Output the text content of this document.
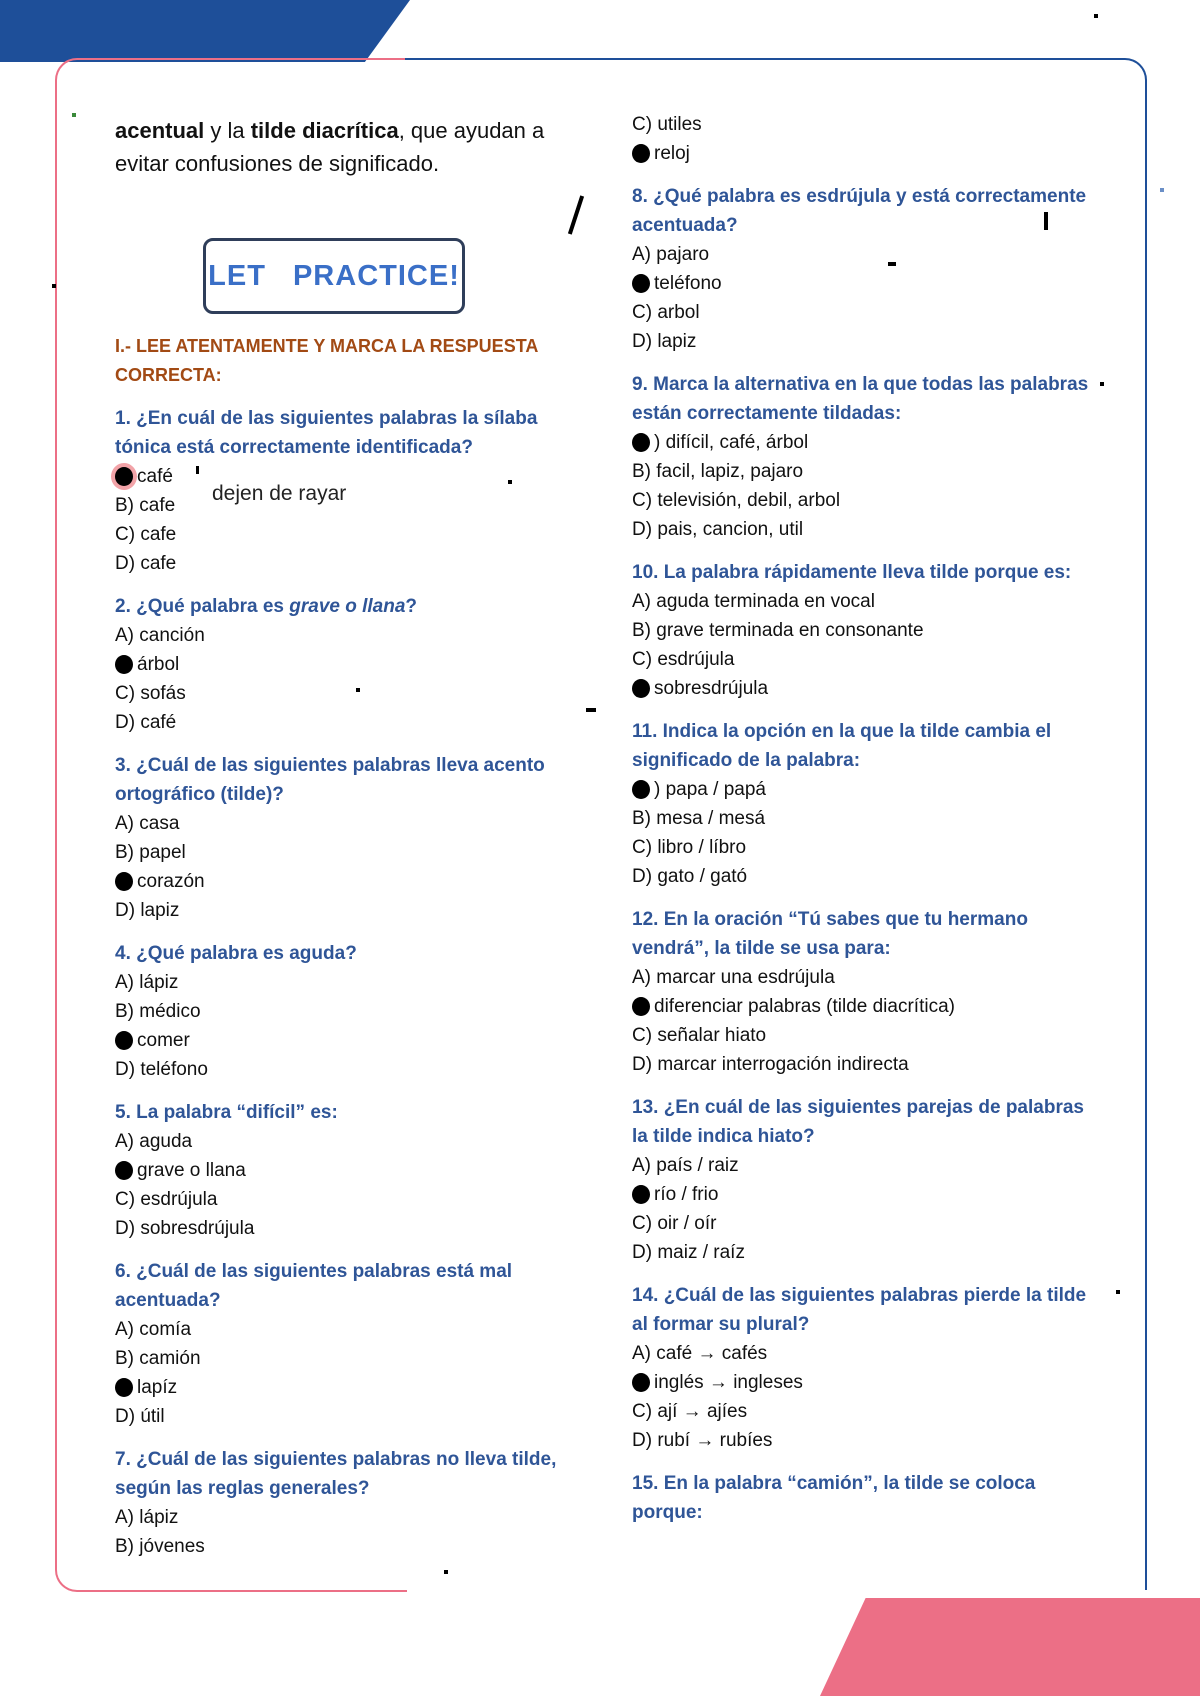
dejen de rayar

acentual y la tilde diacrítica, que ayudan a evitar confusiones de significado.

LET PRACTICE!
I.- LEE ATENTAMENTE Y MARCA LA RESPUESTA CORRECTA:
1. ¿En cuál de las siguientes palabras la sílaba tónica está correctamente identificada?
café
B) cafe
C) cafe
D) cafe
2. ¿Qué palabra es grave o llana?
A) canción
árbol
C) sofás
D) café
3. ¿Cuál de las siguientes palabras lleva acento ortográfico (tilde)?
A) casa
B) papel
corazón
D) lapiz
4. ¿Qué palabra es aguda?
A) lápiz
B) médico
comer
D) teléfono
5. La palabra “difícil” es:
A) aguda
grave o llana
C) esdrújula
D) sobresdrújula
6. ¿Cuál de las siguientes palabras está mal acentuada?
A) comía
B) camión
lapíz
D) útil
7. ¿Cuál de las siguientes palabras no lleva tilde, según las reglas generales?
A) lápiz
B) jóvenes
C) utiles
reloj
8. ¿Qué palabra es esdrújula y está correctamente acentuada?
A) pajaro
teléfono
C) arbol
D) lapiz
9. Marca la alternativa en la que todas las palabras están correctamente tildadas:
) difícil, café, árbol
B) facil, lapiz, pajaro
C) televisión, debil, arbol
D) pais, cancion, util
10. La palabra rápidamente lleva tilde porque es:
A) aguda terminada en vocal
B) grave terminada en consonante
C) esdrújula
sobresdrújula
11. Indica la opción en la que la tilde cambia el significado de la palabra:
) papa / papá
B) mesa / mesá
C) libro / líbro
D) gato / gató
12. En la oración “Tú sabes que tu hermano vendrá”, la tilde se usa para:
A) marcar una esdrújula
diferenciar palabras (tilde diacrítica)
C) señalar hiato
D) marcar interrogación indirecta
13. ¿En cuál de las siguientes parejas de palabras la tilde indica hiato?
A) país / raiz
río / frio
C) oir / oír
D) maiz / raíz
14. ¿Cuál de las siguientes palabras pierde la tilde al formar su plural?
A) café → cafés
inglés → ingleses
C) ají → ajíes
D) rubí → rubíes
15. En la palabra “camión”, la tilde se coloca porque:
